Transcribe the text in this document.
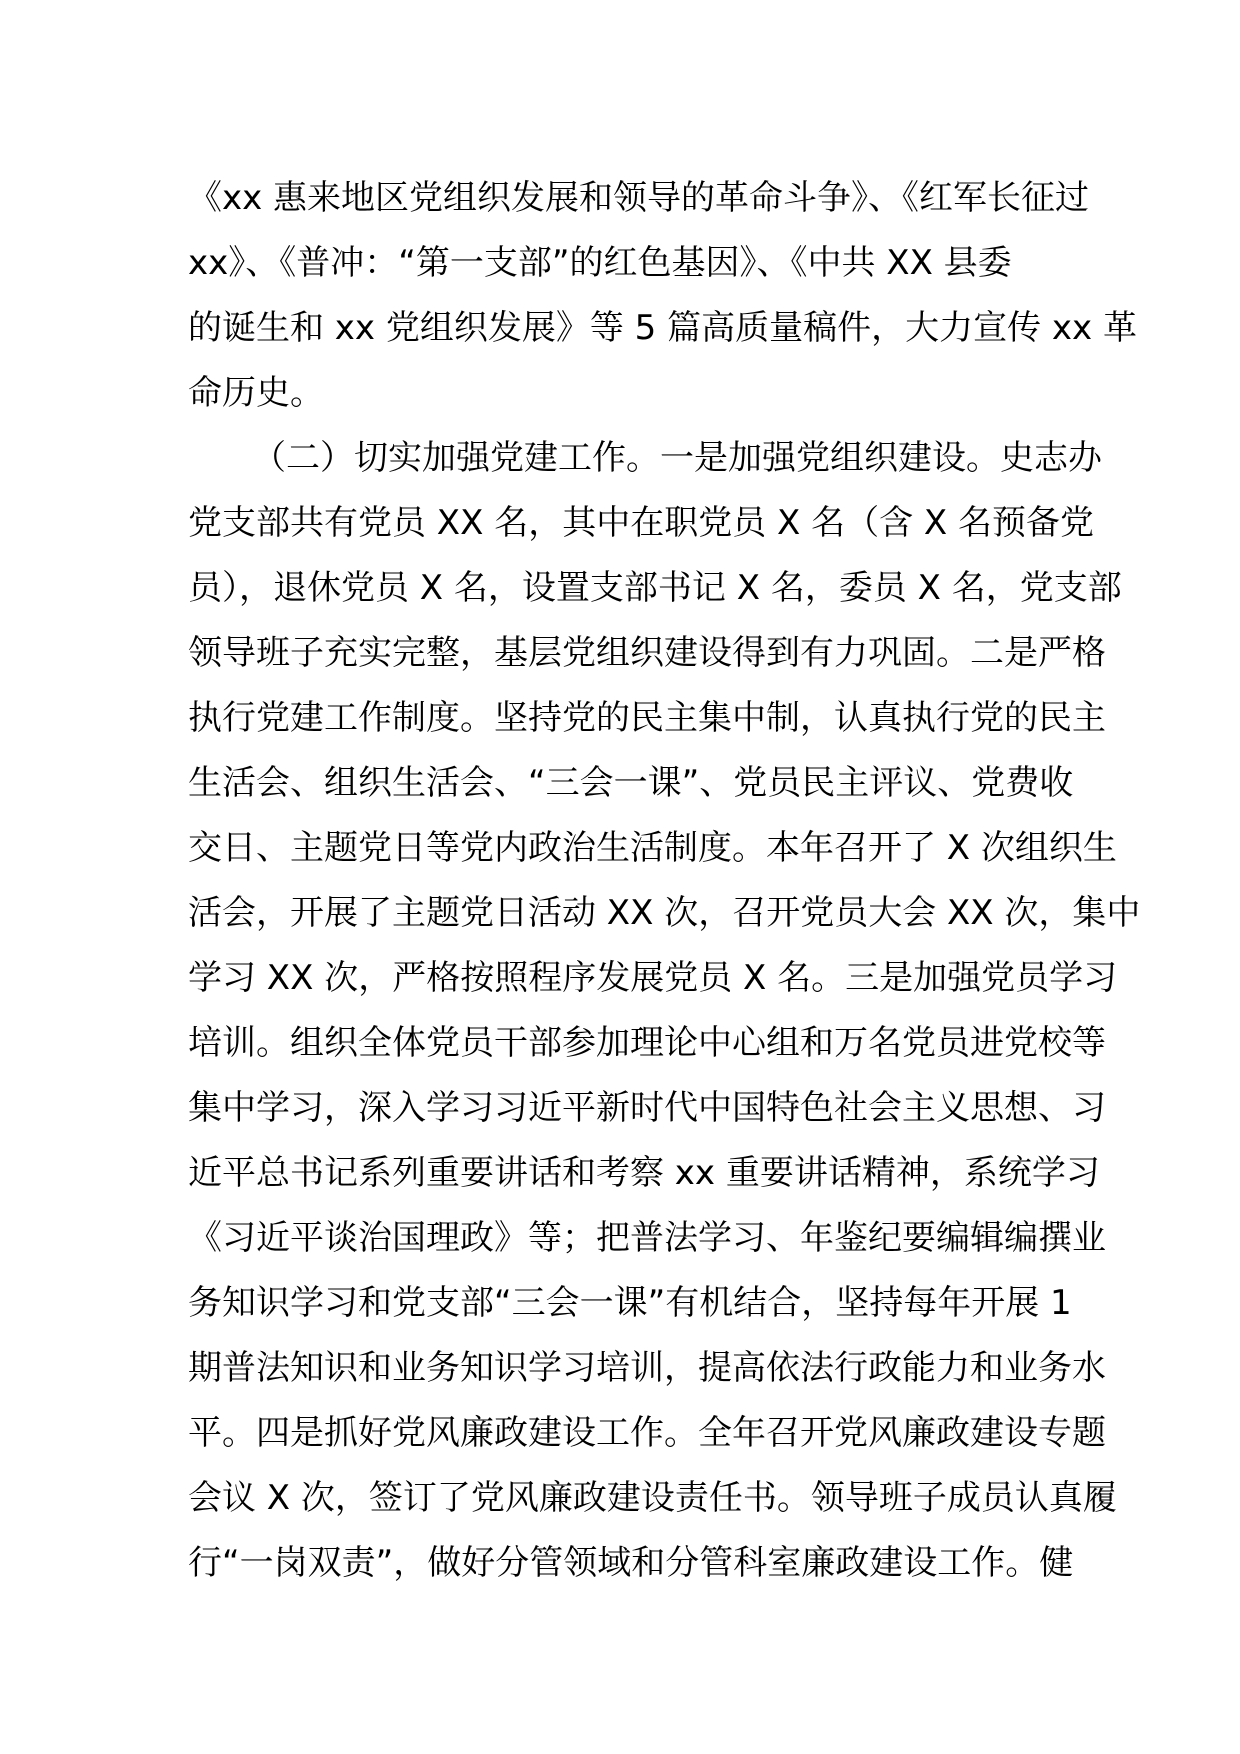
《xx 惠来地区党组织发展和领导的革命斗争》、《红军长征过
xx》、《普冲：“第一支部”的红色基因》、《中共 XX 县委
的诞生和 xx 党组织发展》等 5 篇高质量稿件，大力宣传 xx 革
命历史。
（二）切实加强党建工作。一是加强党组织建设。史志办
党支部共有党员 XX 名，其中在职党员 X 名（含 X 名预备党
员），退休党员 X 名，设置支部书记 X 名，委员 X 名，党支部
领导班子充实完整，基层党组织建设得到有力巩固。二是严格
执行党建工作制度。坚持党的民主集中制，认真执行党的民主
生活会、组织生活会、“三会一课”、党员民主评议、党费收
交日、主题党日等党内政治生活制度。本年召开了 X 次组织生
活会，开展了主题党日活动 XX 次，召开党员大会 XX 次，集中
学习 XX 次，严格按照程序发展党员 X 名。三是加强党员学习
培训。组织全体党员干部参加理论中心组和万名党员进党校等
集中学习，深入学习习近平新时代中国特色社会主义思想、习
近平总书记系列重要讲话和考察 xx 重要讲话精神，系统学习
《习近平谈治国理政》等；把普法学习、年鉴纪要编辑编撰业
务知识学习和党支部“三会一课”有机结合，坚持每年开展 1
期普法知识和业务知识学习培训，提高依法行政能力和业务水
平。四是抓好党风廉政建设工作。全年召开党风廉政建设专题
会议 X 次，签订了党风廉政建设责任书。领导班子成员认真履
行“一岗双责”，做好分管领域和分管科室廉政建设工作。健
